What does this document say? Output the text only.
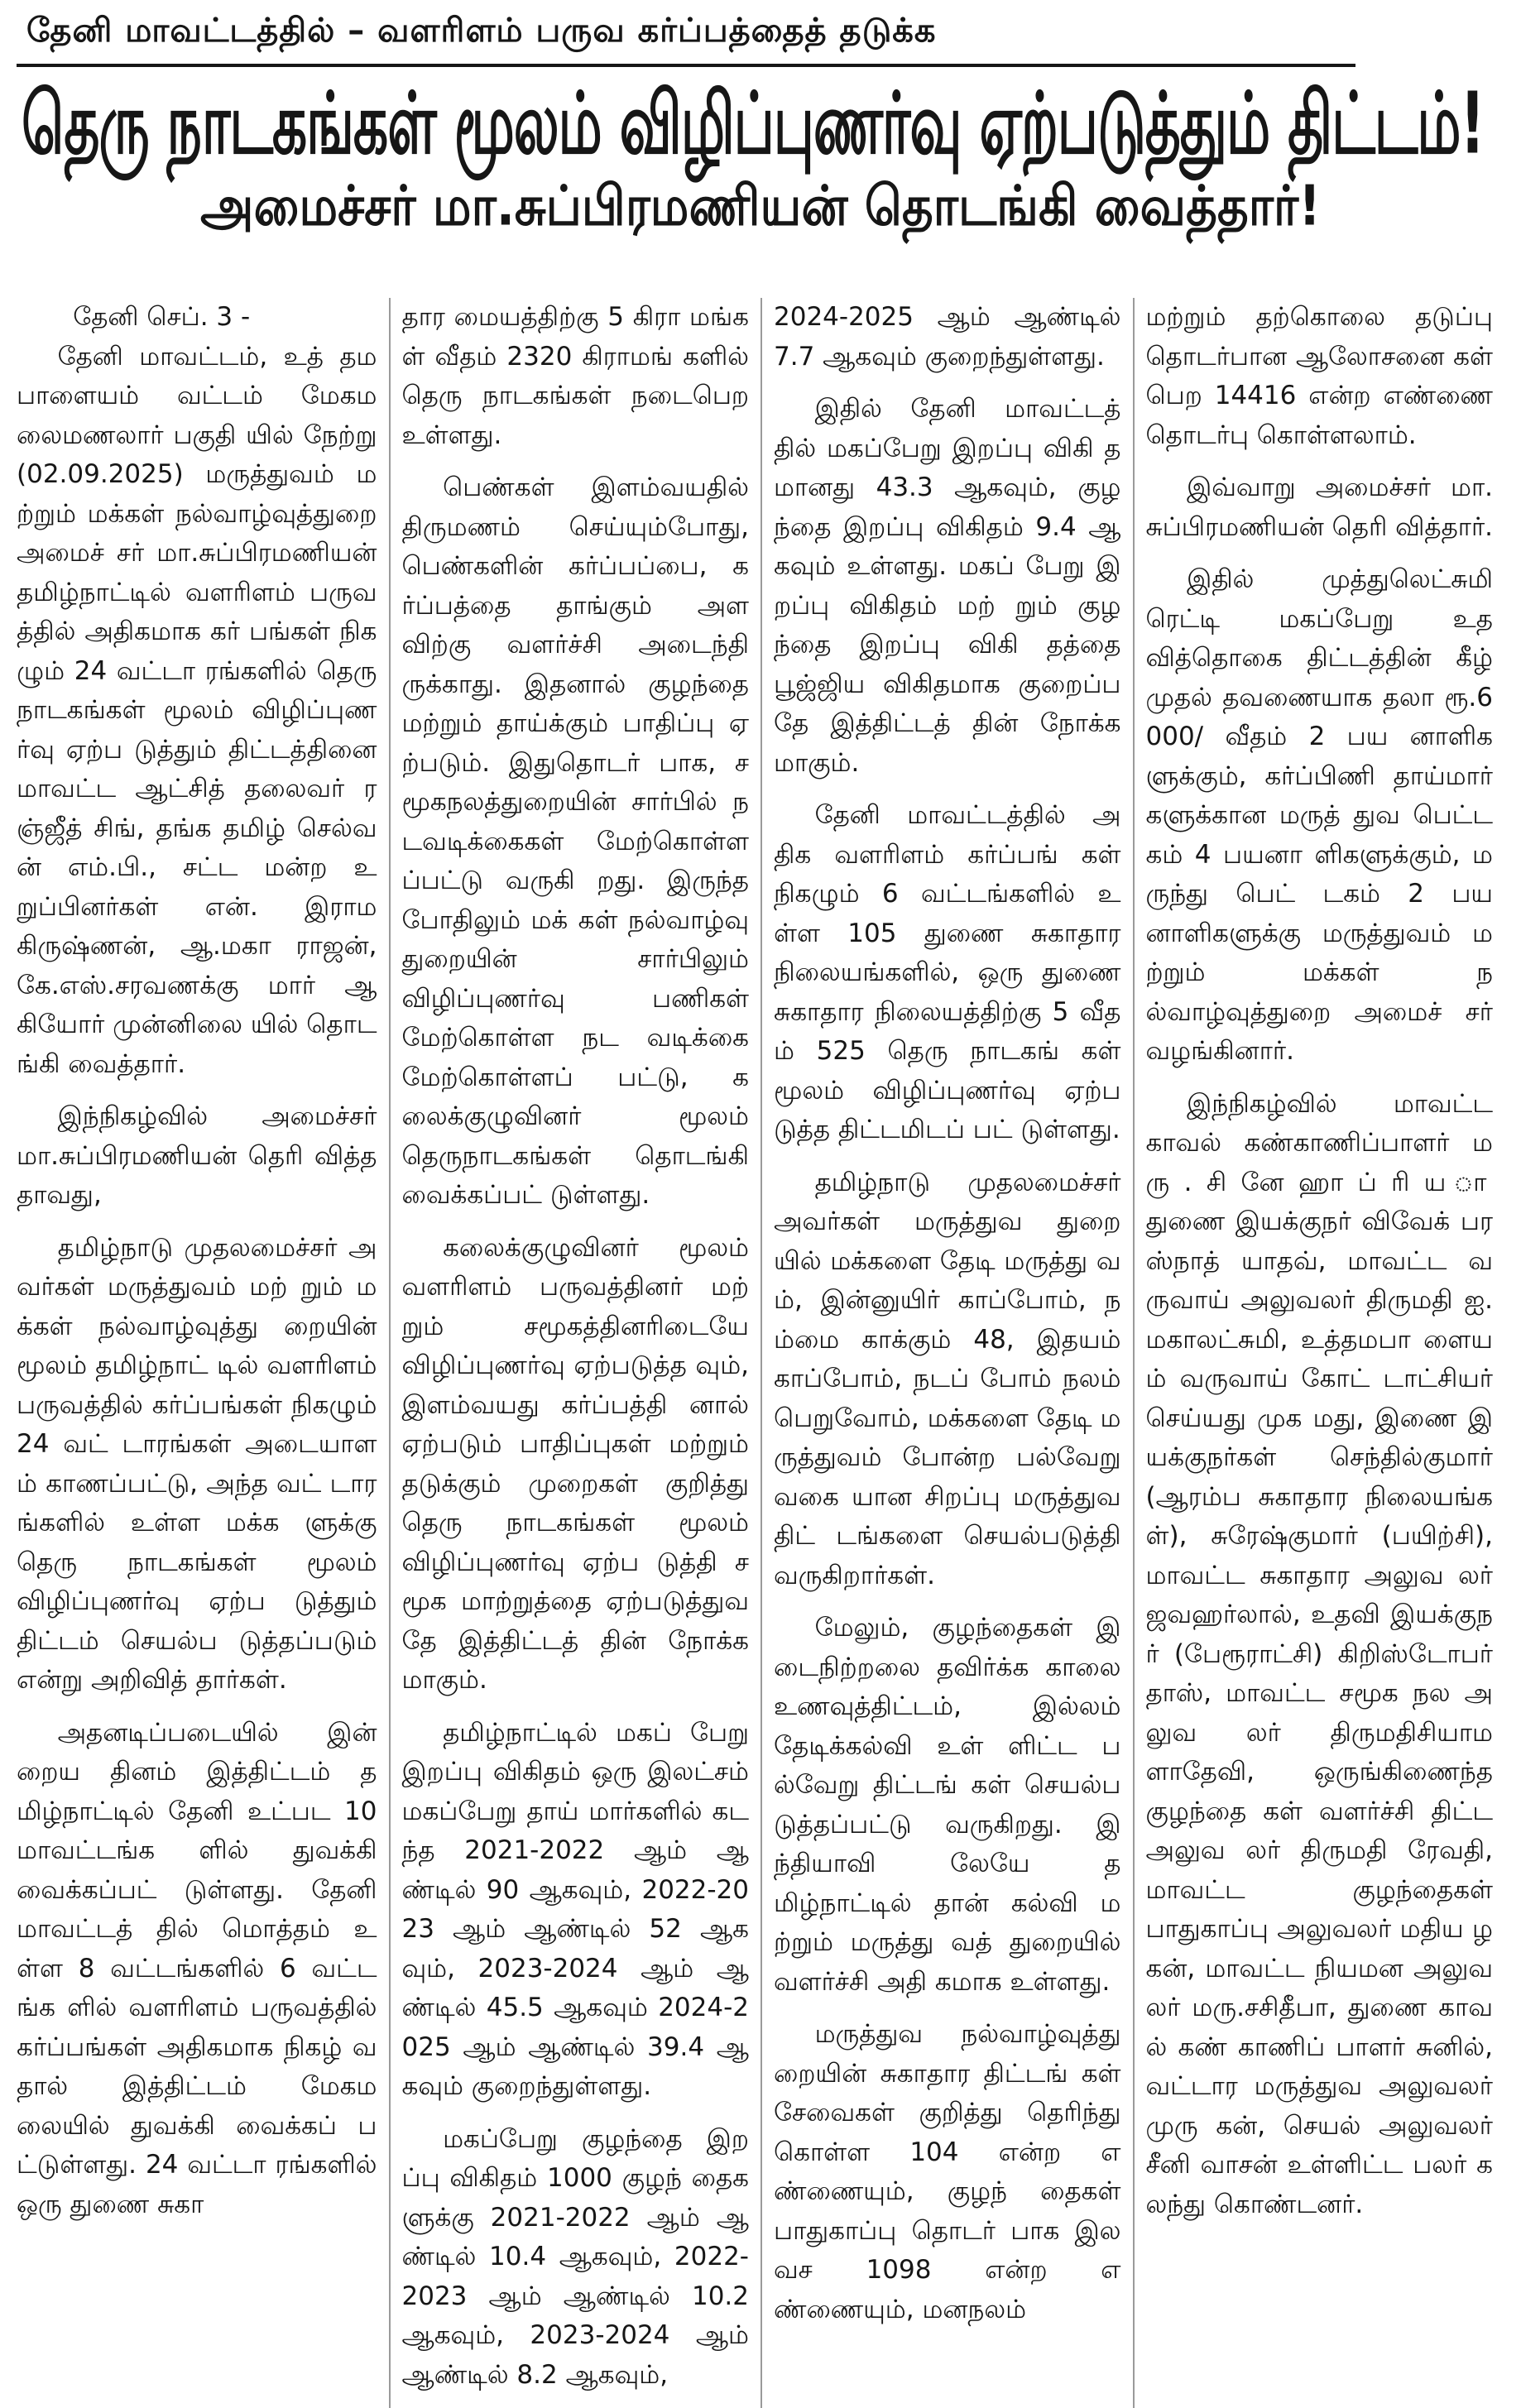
தேனி மாவட்டத்தில் – வளரிளம் பருவ கர்ப்பத்தைத் தடுக்க
தெரு நாடகங்கள் மூலம் விழிப்புணர்வு ஏற்படுத்தும் திட்டம்!
அமைச்சர் மா.சுப்பிரமணியன் தொடங்கி வைத்தார்!

தேனி செப். 3 -

தேனி மாவட்டம், உத் தமபாளையம் வட்டம் மேகமலைமணலார் பகுதி யில் நேற்று (02.09.2025) மருத்துவம் மற்றும் மக்கள் நல்வாழ்வுத்துறை அமைச் சர் மா.சுப்பிரமணியன் தமிழ்நாட்டில் வளரிளம் பருவத்தில் அதிகமாக கர் பங்கள் நிகழும் 24 வட்டா ரங்களில் தெரு நாடகங்கள் மூலம் விழிப்புணர்வு ஏற்ப டுத்தும் திட்டத்தினை மாவட்ட ஆட்சித் தலைவர் ரஞ்ஜீத் சிங், தங்க தமிழ் செல்வன் எம்.பி., சட்ட மன்ற உறுப்பினர்கள் என். இராமகிருஷ்ணன், ஆ.மகா ராஜன், கே.எஸ்.சரவணக்கு மார் ஆகியோர் முன்னிலை யில் தொடங்கி வைத்தார்.

இந்நிகழ்வில் அமைச்சர் மா.சுப்பிரமணியன் தெரி வித்ததாவது,

தமிழ்நாடு முதலமைச்சர் அவர்கள் மருத்துவம் மற் றும் மக்கள் நல்வாழ்வுத்து றையின் மூலம் தமிழ்நாட் டில் வளரிளம் பருவத்தில் கர்ப்பங்கள் நிகழும் 24 வட் டாரங்கள் அடையாளம் காணப்பட்டு, அந்த வட் டாரங்களில் உள்ள மக்க ளுக்கு தெரு நாடகங்கள் மூலம் விழிப்புணர்வு ஏற்ப டுத்தும் திட்டம் செயல்ப டுத்தப்படும் என்று அறிவித் தார்கள்.

அதனடிப்படையில் இன் றைய தினம் இத்திட்டம் தமிழ்நாட்டில் தேனி உட்பட 10 மாவட்டங்க ளில் துவக்கி வைக்கப்பட் டுள்ளது. தேனி மாவட்டத் தில் மொத்தம் உள்ள 8 வட்டங்களில் 6 வட்டங்க ளில் வளரிளம் பருவத்தில் கர்ப்பங்கள் அதிகமாக நிகழ் வதால் இத்திட்டம் மேகம லையில் துவக்கி வைக்கப் பட்டுள்ளது. 24 வட்டா ரங்களில் ஒரு துணை சுகா

தார மையத்திற்கு 5 கிரா மங்கள் வீதம் 2320 கிராமங் களில் தெரு நாடகங்கள் நடைபெற உள்ளது.

பெண்கள் இளம்வயதில் திருமணம் செய்யும்போது, பெண்களின் கர்ப்பப்பை, கர்ப்பத்தை தாங்கும் அள விற்கு வளர்ச்சி அடைந்தி ருக்காது. இதனால் குழந்தை மற்றும் தாய்க்கும் பாதிப்பு ஏற்படும். இதுதொடர் பாக, சமூகநலத்துறையின் சார்பில் நடவடிக்கைகள் மேற்கொள்ளப்பட்டு வருகி றது. இருந்தபோதிலும் மக் கள் நல்வாழ்வு துறையின் சார்பிலும் விழிப்புணர்வு பணிகள் மேற்கொள்ள நட வடிக்கை மேற்கொள்ளப் பட்டு, கலைக்குழுவினர் மூலம் தெருநாடகங்கள் தொடங்கி வைக்கப்பட் டுள்ளது.

கலைக்குழுவினர் மூலம் வளரிளம் பருவத்தினர் மற் றும் சமூகத்தினரிடையே விழிப்புணர்வு ஏற்படுத்த வும், இளம்வயது கர்ப்பத்தி னால் ஏற்படும் பாதிப்புகள் மற்றும் தடுக்கும் முறைகள் குறித்து தெரு நாடகங்கள் மூலம் விழிப்புணர்வு ஏற்ப டுத்தி சமூக மாற்றுத்தை ஏற்படுத்துவதே இத்திட்டத் தின் நோக்கமாகும்.

தமிழ்நாட்டில் மகப் பேறு இறப்பு விகிதம் ஒரு இலட்சம் மகப்பேறு தாய் மார்களில் கடந்த 2021-2022 ஆம் ஆண்டில் 90 ஆகவும், 2022-2023 ஆம் ஆண்டில் 52 ஆகவும், 2023-2024 ஆம் ஆண்டில் 45.5 ஆகவும் 2024-2025 ஆம் ஆண்டில் 39.4 ஆகவும் குறைந்துள்ளது.

மகப்பேறு குழந்தை இறப்பு விகிதம் 1000 குழந் தைகளுக்கு 2021-2022 ஆம் ஆண்டில் 10.4 ஆகவும், 2022-2023 ஆம் ஆண்டில் 10.2 ஆகவும், 2023-2024 ஆம் ஆண்டில் 8.2 ஆகவும்,

2024-2025 ஆம் ஆண்டில் 7.7 ஆகவும் குறைந்துள்ளது.

இதில் தேனி மாவட்டத் தில் மகப்பேறு இறப்பு விகி தமானது 43.3 ஆகவும், குழந்தை இறப்பு விகிதம் 9.4 ஆகவும் உள்ளது. மகப் பேறு இறப்பு விகிதம் மற் றும் குழந்தை இறப்பு விகி தத்தை பூஜ்ஜிய விகிதமாக குறைப்பதே இத்திட்டத் தின் நோக்கமாகும்.

தேனி மாவட்டத்தில் அதிக வளரிளம் கர்ப்பங் கள் நிகழும் 6 வட்டங்களில் உள்ள 105 துணை சுகாதார நிலையங்களில், ஒரு துணை சுகாதார நிலையத்திற்கு 5 வீதம் 525 தெரு நாடகங் கள் மூலம் விழிப்புணர்வு ஏற்படுத்த திட்டமிடப் பட் டுள்ளது.

தமிழ்நாடு முதலமைச்சர் அவர்கள் மருத்துவ துறை யில் மக்களை தேடி மருத்து வம், இன்னுயிர் காப்போம், நம்மை காக்கும் 48, இதயம் காப்போம், நடப் போம் நலம் பெறுவோம், மக்களை தேடி மருத்துவம் போன்ற பல்வேறு வகை யான சிறப்பு மருத்துவ திட் டங்களை செயல்படுத்தி வருகிறார்கள்.

மேலும், குழந்தைகள் இடைநிற்றலை தவிர்க்க காலை உணவுத்திட்டம், இல்லம் தேடிக்கல்வி உள் ளிட்ட பல்வேறு திட்டங் கள் செயல்படுத்தப்பட்டு வருகிறது. இந்தியாவி லேயே தமிழ்நாட்டில் தான் கல்வி மற்றும் மருத்து வத் துறையில் வளர்ச்சி அதி கமாக உள்ளது.

மருத்துவ நல்வாழ்வுத்து றையின் சுகாதார திட்டங் கள் சேவைகள் குறித்து தெரிந்து கொள்ள 104 என்ற எண்ணையும், குழந் தைகள் பாதுகாப்பு தொடர் பாக இலவச 1098 என்ற எண்ணையும், மனநலம்

மற்றும் தற்கொலை தடுப்பு தொடர்பான ஆலோசனை கள் பெற 14416 என்ற எண்ணை தொடர்பு கொள்ளலாம்.

இவ்வாறு அமைச்சர் மா.சுப்பிரமணியன் தெரி வித்தார்.

இதில் முத்துலெட்சுமி ரெட்டி மகப்பேறு உத வித்தொகை திட்டத்தின் கீழ் முதல் தவணையாக தலா ரூ.6000/ வீதம் 2 பய னாளிகளுக்கும், கர்ப்பிணி தாய்மார் களுக்கான மருத் துவ பெட்டகம் 4 பயனா ளிகளுக்கும், மருந்து பெட் டகம் 2 பயனாளிகளுக்கு மருத்துவம் மற்றும் மக்கள் நல்வாழ்வுத்துறை அமைச் சர் வழங்கினார்.

இந்நிகழ்வில் மாவட்ட காவல் கண்காணிப்பாளர் ம ரு . சி னே ஹா ப் ரி ய ா துணை இயக்குநர் விவேக் பரஸ்நாத் யாதவ், மாவட்ட வருவாய் அலுவலர் திருமதி ஐ.மகாலட்சுமி, உத்தமபா ளையம் வருவாய் கோட் டாட்சியர் செய்யது முக மது, இணை இயக்குநர்கள் செந்தில்குமார் (ஆரம்ப சுகாதார நிலையங்கள்), சுரேஷ்குமார் (பயிற்சி), மாவட்ட சுகாதார அலுவ லர் ஜவஹர்லால், உதவி இயக்குநர் (பேரூராட்சி) கிறிஸ்டோபர் தாஸ், மாவட்ட சமூக நல அலுவ லர் திருமதிசியாமளாதேவி, ஒருங்கிணைந்த குழந்தை கள் வளர்ச்சி திட்ட அலுவ லர் திருமதி ரேவதி, மாவட்ட குழந்தைகள் பாதுகாப்பு அலுவலர் மதிய ழகன், மாவட்ட நியமன அலுவலர் மரு.சசிதீபா, துணை காவல் கண் காணிப் பாளர் சுனில், வட்டார மருத்துவ அலுவலர் முரு கன், செயல் அலுவலர் சீனி வாசன் உள்ளிட்ட பலர் கலந்து கொண்டனர்.
